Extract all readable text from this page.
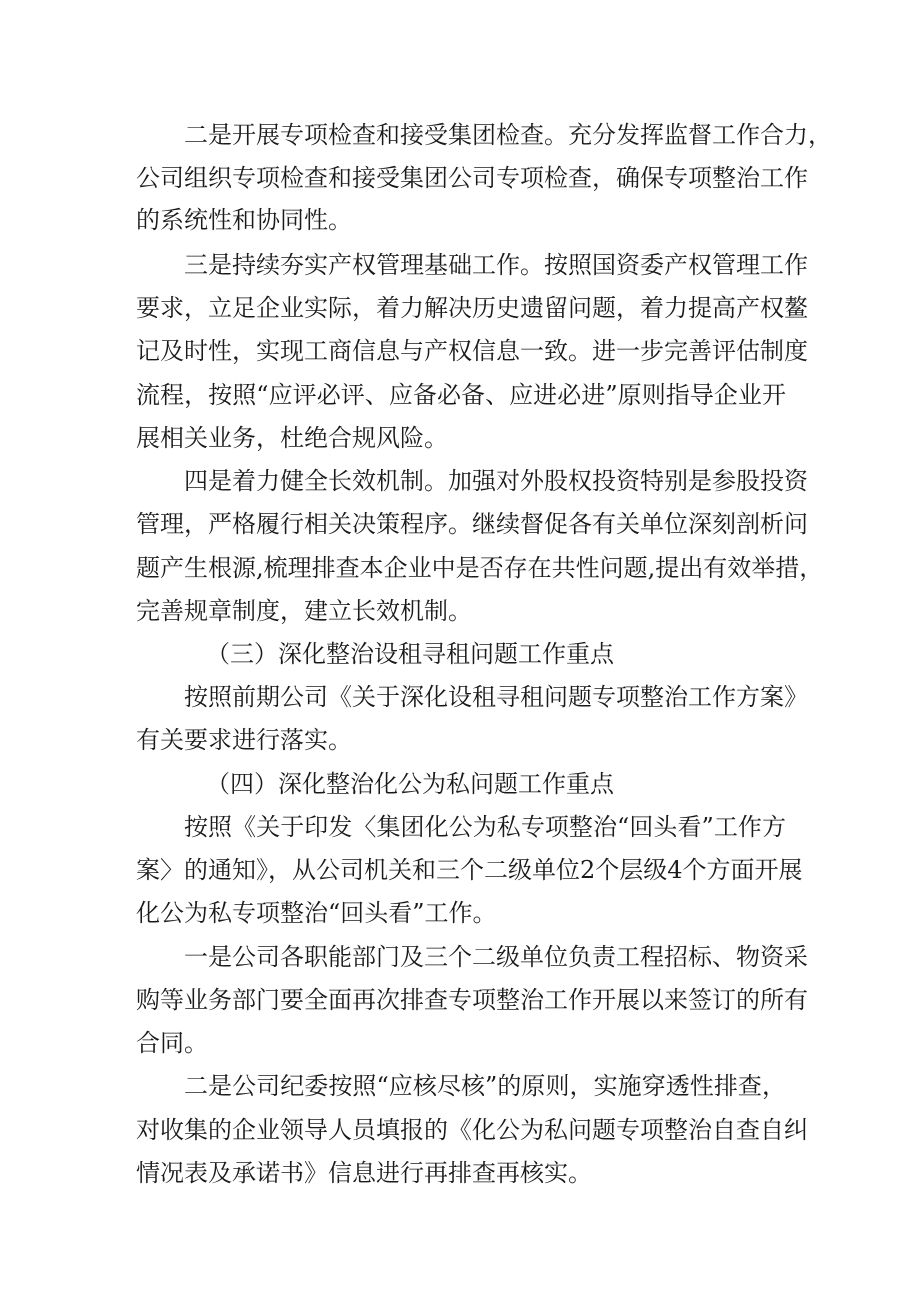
二是开展专项检查和接受集团检查。充分发挥监督工作合力，
公司组织专项检查和接受集团公司专项检查，确保专项整治工作
的系统性和协同性。
三是持续夯实产权管理基础工作。按照国资委产权管理工作
要求，立足企业实际，着力解决历史遗留问题，着力提高产权鳌
记及时性，实现工商信息与产权信息一致。进一步完善评估制度
流程，按照“应评必评、应备必备、应进必进”原则指导企业开
展相关业务，杜绝合规风险。
四是着力健全长效机制。加强对外股权投资特别是参股投资
管理，严格履行相关决策程序。继续督促各有关单位深刻剖析问
题产生根源,梳理排查本企业中是否存在共性问题,提出有效举措，
完善规章制度，建立长效机制。
（三）深化整治设租寻租问题工作重点
按照前期公司《关于深化设租寻租问题专项整治工作方案》
有关要求进行落实。
（四）深化整治化公为私问题工作重点
按照《关于印发〈集团化公为私专项整治“回头看”工作方
案〉的通知》，从公司机关和三个二级单位2个层级4个方面开展
化公为私专项整治“回头看”工作。
一是公司各职能部门及三个二级单位负责工程招标、物资采
购等业务部门要全面再次排查专项整治工作开展以来签订的所有
合同。
二是公司纪委按照“应核尽核”的原则，实施穿透性排查，
对收集的企业领导人员填报的《化公为私问题专项整治自查自纠
情况表及承诺书》信息进行再排查再核实。
